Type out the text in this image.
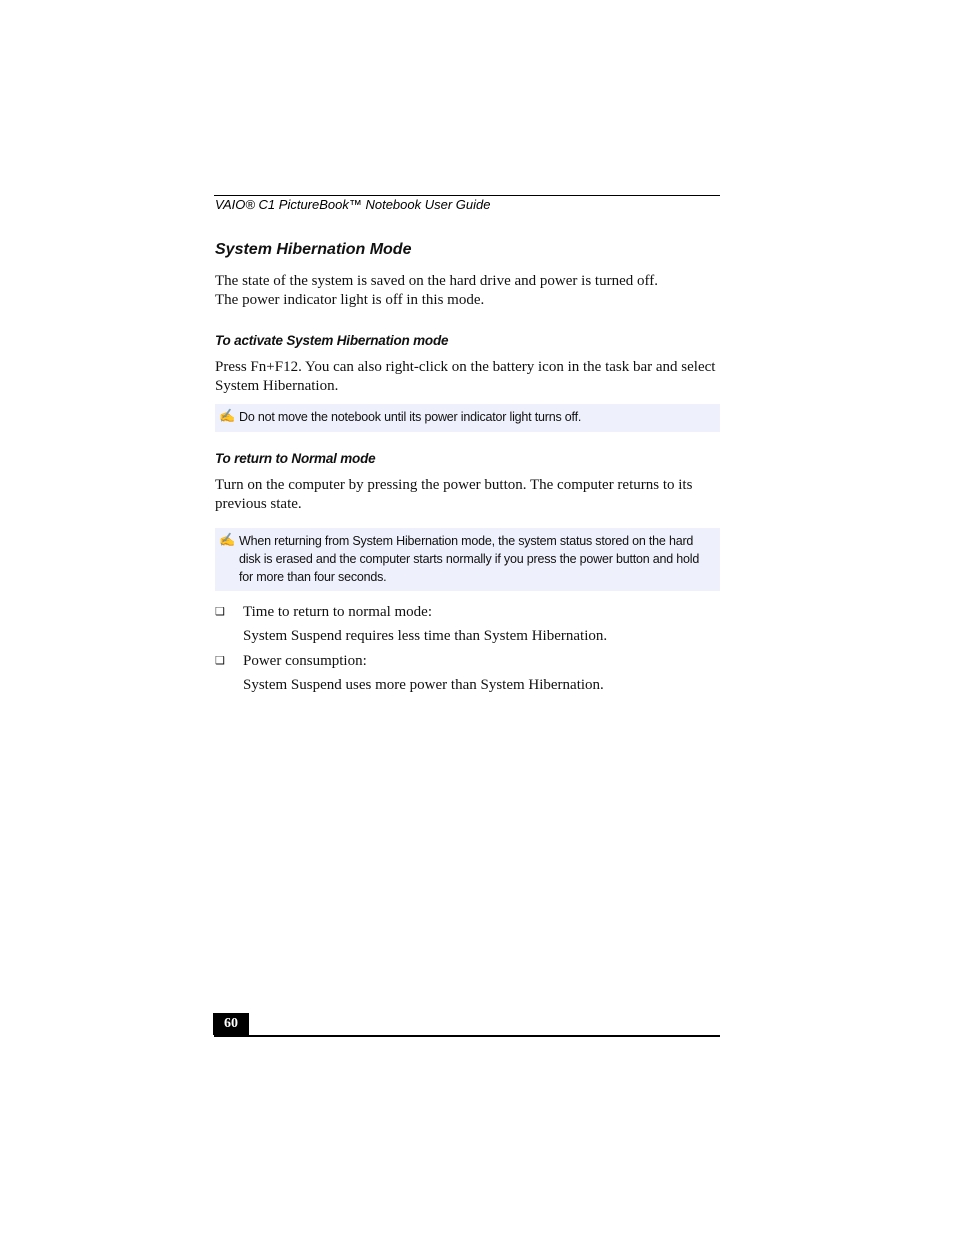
VAIO® C1 PictureBook™ Notebook User Guide
System Hibernation Mode

The state of the system is saved on the hard drive and power is turned off. The power indicator light is off in this mode.

To activate System Hibernation mode

Press Fn+F12. You can also right-click on the battery icon in the task bar and select System Hibernation.

✍ Do not move the notebook until its power indicator light turns off.
To return to Normal mode

Turn on the computer by pressing the power button. The computer returns to its previous state.

✍ When returning from System Hibernation mode, the system status stored on the hard disk is erased and the computer starts normally if you press the power button and hold for more than four seconds.
❑	Time to return to normal mode:
System Suspend requires less time than System Hibernation.
❑	Power consumption:
System Suspend uses more power than System Hibernation.
60
